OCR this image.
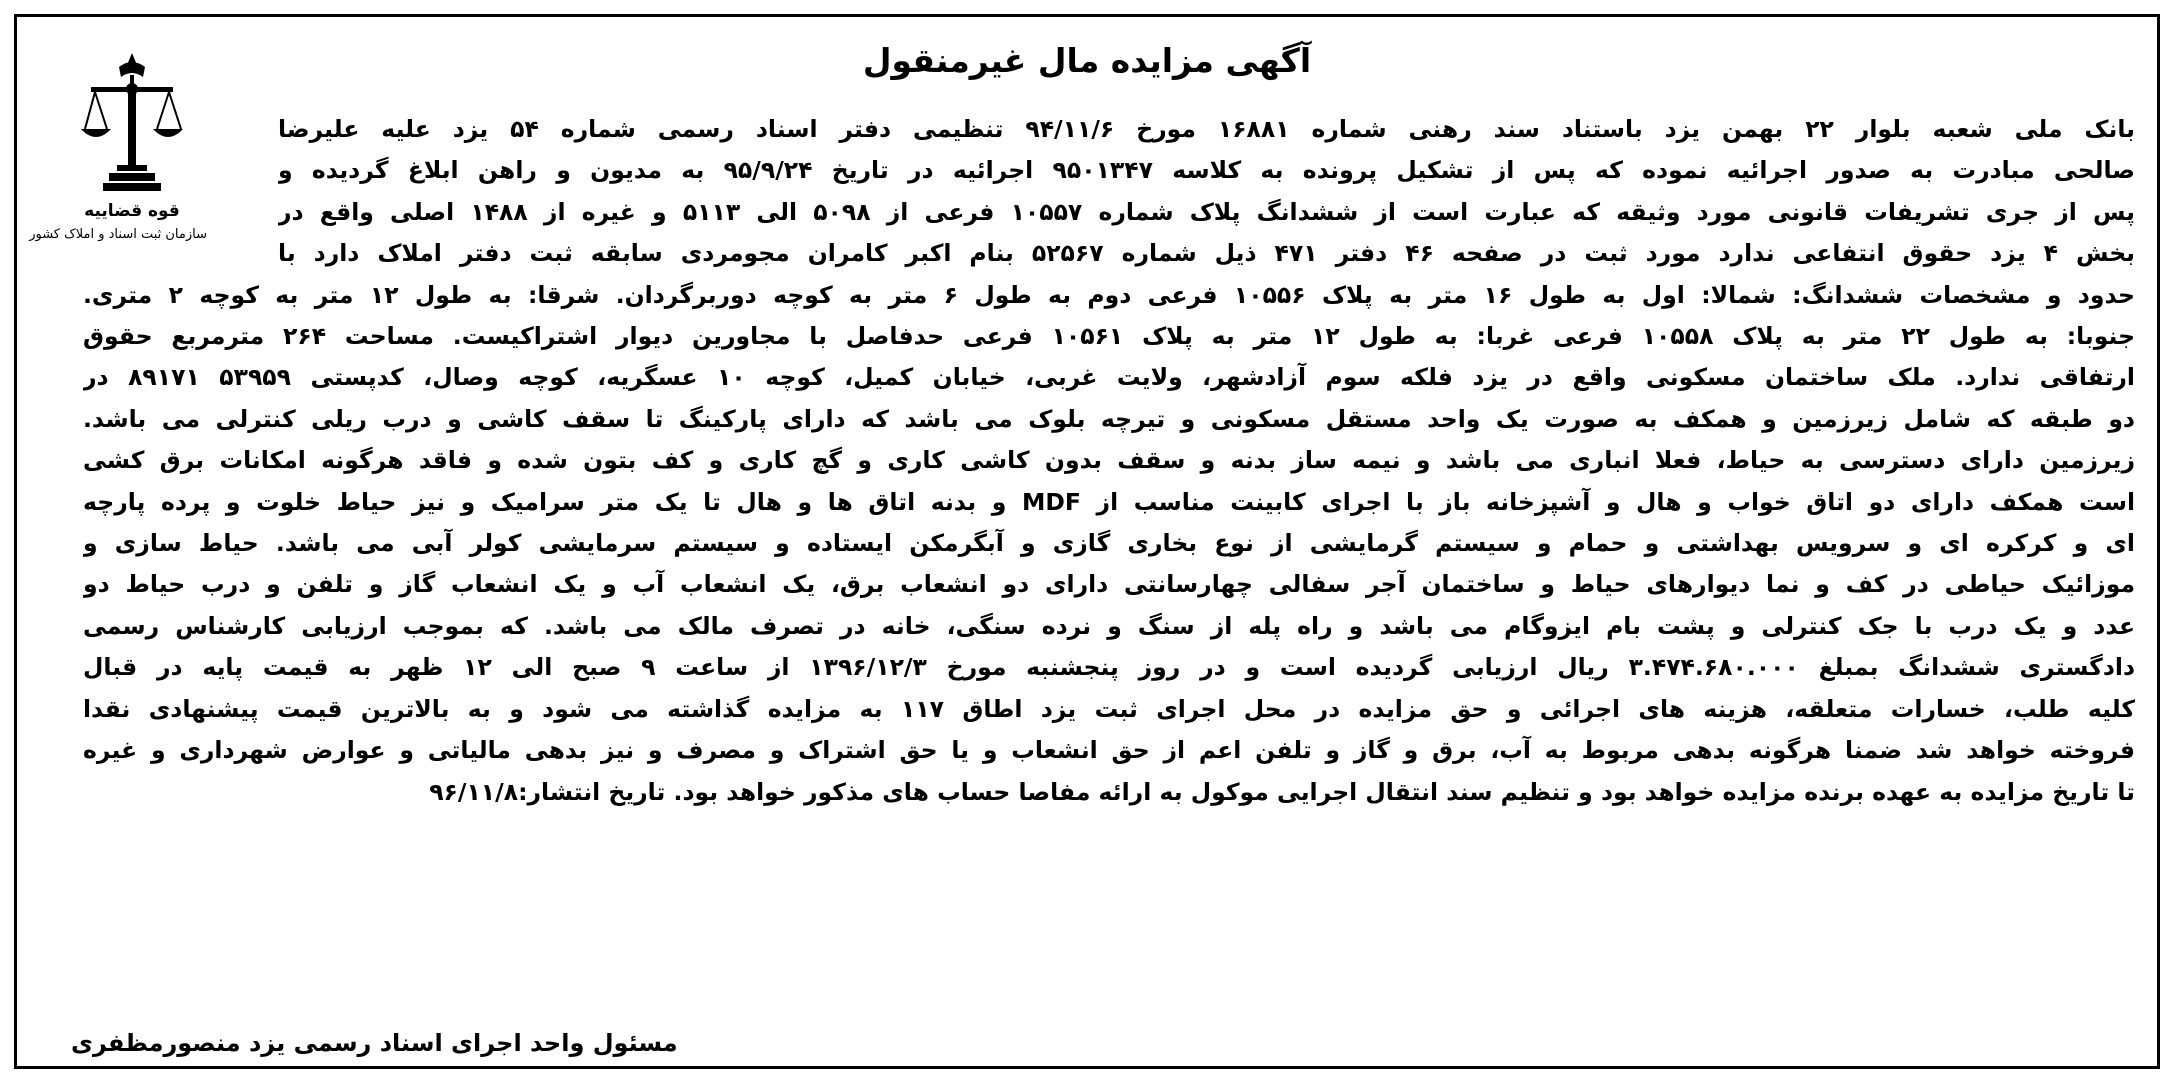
قوه قضاییه
سازمان ثبت اسناد و املاک کشور
آگهی مزایده مال غیرمنقول
بانک ملی شعبه بلوار ۲۲ بهمن یزد باستناد سند رهنی شماره ۱۶۸۸۱ مورخ ۹۴/۱۱/۶ تنظیمی دفتر اسناد رسمی شماره ۵۴ یزد علیه علیرضا
صالحی مبادرت به صدور اجرائیه نموده که پس از تشکیل پرونده به کلاسه ۹۵۰۱۳۴۷ اجرائیه در تاریخ ۹۵/۹/۲۴ به مدیون و راهن ابلاغ گردیده و
پس از جری تشریفات قانونی مورد وثیقه که عبارت است از ششدانگ پلاک شماره ۱۰۵۵۷ فرعی از ۵۰۹۸ الی ۵۱۱۳ و غیره از ۱۴۸۸ اصلی واقع در
بخش ۴ یزد حقوق انتفاعی ندارد مورد ثبت در صفحه ۴۶ دفتر ۴۷۱ ذیل شماره ۵۲۵۶۷ بنام اکبر کامران مجومردی سابقه ثبت دفتر املاک دارد با
حدود و مشخصات ششدانگ: شمالا: اول به طول ۱۶ متر به پلاک ۱۰۵۵۶ فرعی دوم به طول ۶ متر به کوچه دوربرگردان. شرقا: به طول ۱۲ متر به کوچه ۲ متری.
جنوبا: به طول ۲۲ متر به پلاک ۱۰۵۵۸ فرعی غربا: به طول ۱۲ متر به پلاک ۱۰۵۶۱ فرعی حدفاصل با مجاورین دیوار اشتراکیست. مساحت ۲۶۴ مترمربع حقوق
ارتفاقی ندارد. ملک ساختمان مسکونی واقع در یزد فلکه سوم آزادشهر، ولایت غربی، خیابان کمیل، کوچه ۱۰ عسگریه، کوچه وصال، کدپستی ۵۳۹۵۹ ۸۹۱۷۱ در
دو طبقه که شامل زیرزمین و همکف به صورت یک واحد مستقل مسکونی و تیرچه بلوک می باشد که دارای پارکینگ تا سقف کاشی و درب ریلی کنترلی می باشد.
زیرزمین دارای دسترسی به حیاط، فعلا انباری می باشد و نیمه ساز بدنه و سقف بدون کاشی کاری و گچ کاری و کف بتون شده و فاقد هرگونه امکانات برق کشی
است همکف دارای دو اتاق خواب و هال و آشپزخانه باز با اجرای کابینت مناسب از MDF و بدنه اتاق ها و هال تا یک متر سرامیک و نیز حیاط خلوت و پرده پارچه
ای و کرکره ای و سرویس بهداشتی و حمام و سیستم گرمایشی از نوع بخاری گازی و آبگرمکن ایستاده و سیستم سرمایشی کولر آبی می باشد. حیاط سازی و
موزائیک حیاطی در کف و نما دیوارهای حیاط و ساختمان آجر سفالی چهارسانتی دارای دو انشعاب برق، یک انشعاب آب و یک انشعاب گاز و تلفن و درب حیاط دو
عدد و یک درب با جک کنترلی و پشت بام ایزوگام می باشد و راه پله از سنگ و نرده سنگی، خانه در تصرف مالک می باشد. که بموجب ارزیابی کارشناس رسمی
دادگستری ششدانگ بمبلغ ۳.۴۷۴.۶۸۰.۰۰۰ ریال ارزیابی گردیده است و در روز پنجشنبه مورخ ۱۳۹۶/۱۲/۳ از ساعت ۹ صبح الی ۱۲ ظهر به قیمت پایه در قبال
کلیه طلب، خسارات متعلقه، هزینه های اجرائی و حق مزایده در محل اجرای ثبت یزد اطاق ۱۱۷ به مزایده گذاشته می شود و به بالاترین قیمت پیشنهادی نقدا
فروخته خواهد شد ضمنا هرگونه بدهی مربوط به آب، برق و گاز و تلفن اعم از حق انشعاب و یا حق اشتراک و مصرف و نیز بدهی مالیاتی و عوارض شهرداری و غیره
تا تاریخ مزایده به عهده برنده مزایده خواهد بود و تنظیم سند انتقال اجرایی موکول به ارائه مفاصا حساب های مذکور خواهد بود. تاریخ انتشار:۹۶/۱۱/۸
مسئول واحد اجرای اسناد رسمی یزد منصورمظفری
